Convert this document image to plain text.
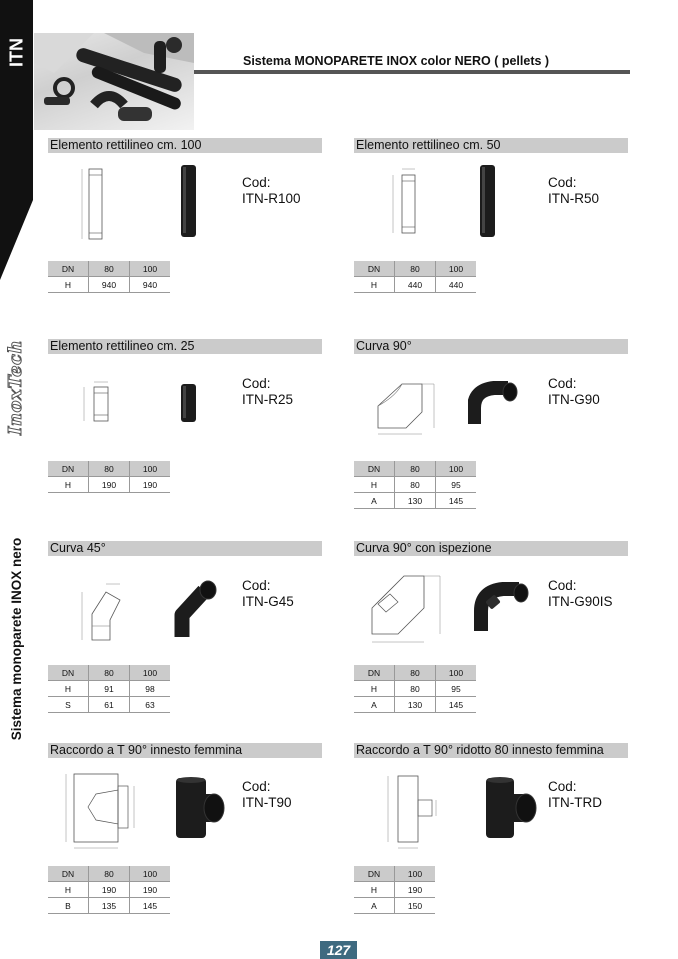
ITN
InoxTech
Sistema monoparete INOX nero
Sistema MONOPARETE INOX color NERO ( pellets )
Elemento rettilineo cm. 100
Cod:
ITN-R100
DN	80	100
H	940	940
Elemento rettilineo cm. 50
Cod:
ITN-R50
DN	80	100
H	440	440
Elemento rettilineo cm. 25
Cod:
ITN-R25
DN	80	100
H	190	190
Curva 90°
Cod:
ITN-G90
DN	80	100
H	80	95
A	130	145
Curva 45°
Cod:
ITN-G45
DN	80	100
H	91	98
S	61	63
Curva 90° con ispezione
Cod:
ITN-G90IS
DN	80	100
H	80	95
A	130	145
Raccordo a T 90° innesto femmina
Cod:
ITN-T90
DN	80	100
H	190	190
B	135	145
Raccordo a T 90° ridotto 80 innesto femmina
Cod:
ITN-TRD
DN	100
H	190
A	150
127
